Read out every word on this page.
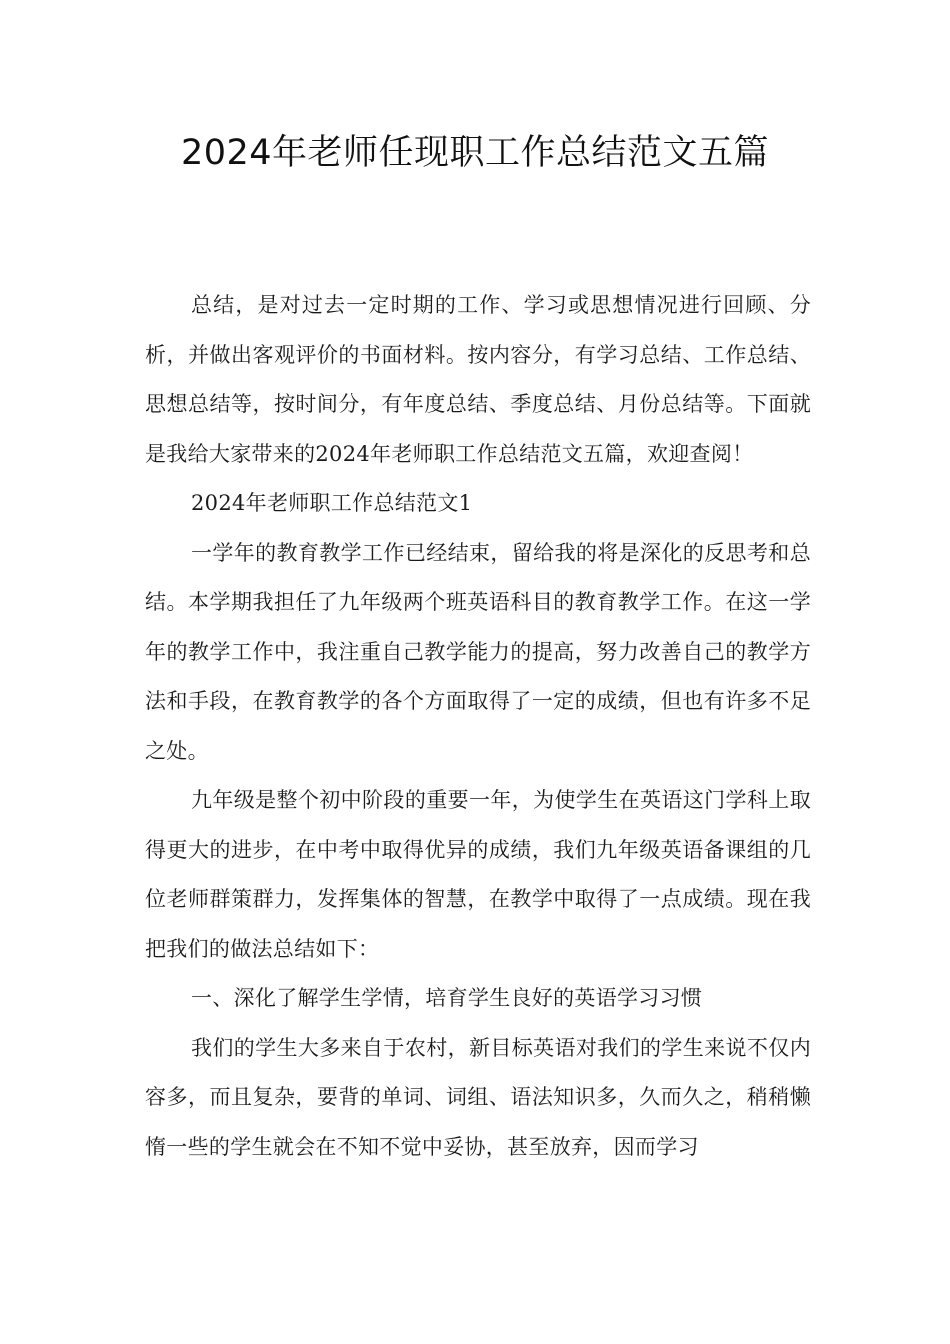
2024年老师任现职工作总结范文五篇

总结，是对过去一定时期的工作、学习或思想情况进行回顾、分析，并做出客观评价的书面材料。按内容分，有学习总结、工作总结、思想总结等，按时间分，有年度总结、季度总结、月份总结等。下面就是我给大家带来的2024年老师职工作总结范文五篇，欢迎查阅！

2024年老师职工作总结范文1

一学年的教育教学工作已经结束，留给我的将是深化的反思考和总结。本学期我担任了九年级两个班英语科目的教育教学工作。在这一学年的教学工作中，我注重自己教学能力的提高，努力改善自己的教学方法和手段，在教育教学的各个方面取得了一定的成绩，但也有许多不足之处。

九年级是整个初中阶段的重要一年，为使学生在英语这门学科上取得更大的进步，在中考中取得优异的成绩，我们九年级英语备课组的几位老师群策群力，发挥集体的智慧，在教学中取得了一点成绩。现在我把我们的做法总结如下：

一、深化了解学生学情，培育学生良好的英语学习习惯

我们的学生大多来自于农村，新目标英语对我们的学生来说不仅内容多，而且复杂，要背的单词、词组、语法知识多，久而久之，稍稍懒惰一些的学生就会在不知不觉中妥协，甚至放弃，因而学习
